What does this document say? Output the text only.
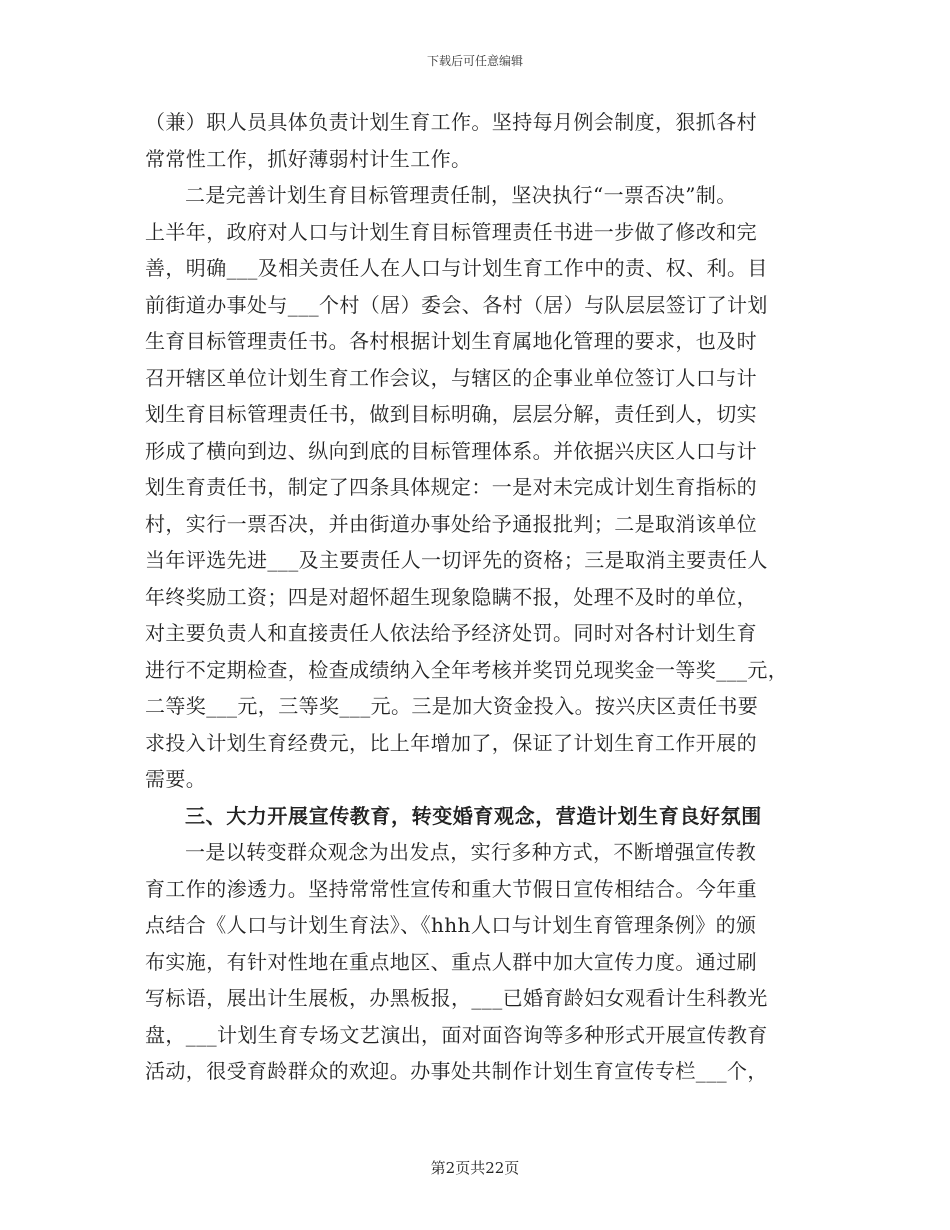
下载后可任意编辑
（兼）职人员具体负责计划生育工作。坚持每月例会制度，狠抓各村
常常性工作，抓好薄弱村计生工作。
二是完善计划生育目标管理责任制，坚决执行“一票否决”制。
上半年，政府对人口与计划生育目标管理责任书进一步做了修改和完
善，明确___及相关责任人在人口与计划生育工作中的责、权、利。目
前街道办事处与___个村（居）委会、各村（居）与队层层签订了计划
生育目标管理责任书。各村根据计划生育属地化管理的要求，也及时
召开辖区单位计划生育工作会议，与辖区的企事业单位签订人口与计
划生育目标管理责任书，做到目标明确，层层分解，责任到人，切实
形成了横向到边、纵向到底的目标管理体系。并依据兴庆区人口与计
划生育责任书，制定了四条具体规定：一是对未完成计划生育指标的
村，实行一票否决，并由街道办事处给予通报批判；二是取消该单位
当年评选先进___及主要责任人一切评先的资格；三是取消主要责任人
年终奖励工资；四是对超怀超生现象隐瞒不报，处理不及时的单位，
对主要负责人和直接责任人依法给予经济处罚。同时对各村计划生育
进行不定期检查，检查成绩纳入全年考核并奖罚兑现奖金一等奖___元，
二等奖___元，三等奖___元。三是加大资金投入。按兴庆区责任书要
求投入计划生育经费元，比上年增加了，保证了计划生育工作开展的
需要。
三、大力开展宣传教育，转变婚育观念，营造计划生育良好氛围
一是以转变群众观念为出发点，实行多种方式，不断增强宣传教
育工作的渗透力。坚持常常性宣传和重大节假日宣传相结合。今年重
点结合《人口与计划生育法》、《hhh人口与计划生育管理条例》的颁
布实施，有针对性地在重点地区、重点人群中加大宣传力度。通过刷
写标语，展出计生展板，办黑板报，___已婚育龄妇女观看计生科教光
盘，___计划生育专场文艺演出，面对面咨询等多种形式开展宣传教育
活动，很受育龄群众的欢迎。办事处共制作计划生育宣传专栏___个，
第2页共22页
